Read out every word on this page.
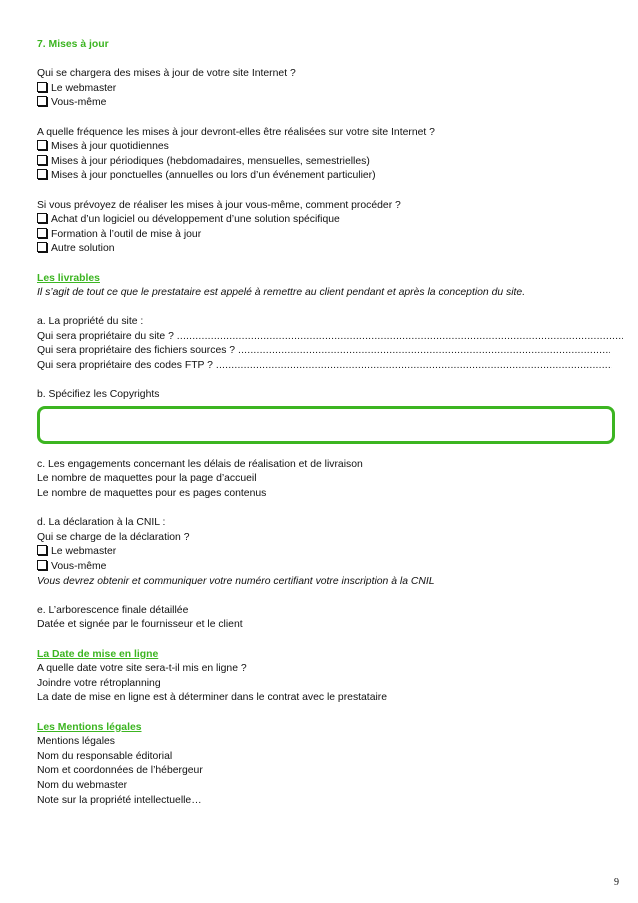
7. Mises à jour
Qui se chargera des mises à jour de votre site Internet ?
Le webmaster
Vous-même
A quelle fréquence les mises à jour devront-elles être réalisées sur votre site Internet ?
Mises à jour quotidiennes
Mises à jour périodiques (hebdomadaires, mensuelles, semestrielles)
Mises à jour ponctuelles (annuelles ou lors d’un événement particulier)
Si vous prévoyez de réaliser les mises à jour vous-même, comment procéder ?
Achat d’un logiciel ou développement d’une solution spécifique
Formation à l’outil de mise à jour
Autre solution
Les livrables
Il s’agit de tout ce que le prestataire est appelé à remettre au client pendant et après la conception du site.
a. La propriété du site :
Qui sera propriétaire du site ? .....
Qui sera propriétaire des fichiers sources ? .....
Qui sera propriétaire des codes FTP ? .....
b. Spécifiez les Copyrights
c. Les engagements concernant les délais de réalisation et de livraison
Le nombre de maquettes pour la page d’accueil
Le nombre de maquettes pour es pages contenus
d. La déclaration à la CNIL :
Qui se charge de la déclaration ?
Le webmaster
Vous-même
Vous devrez obtenir et communiquer votre numéro certifiant votre inscription à la CNIL
e. L’arborescence finale détaillée
Datée et signée par le fournisseur et le client
La Date de mise en ligne
A quelle date votre site sera-t-il mis en ligne ?
Joindre votre rétroplanning
La date de mise en ligne est à déterminer dans le contrat avec le prestataire
Les Mentions légales
Mentions légales
Nom du responsable éditorial
Nom et coordonnées de l’hébergeur
Nom du webmaster
Note sur la propriété intellectuelle…
9
